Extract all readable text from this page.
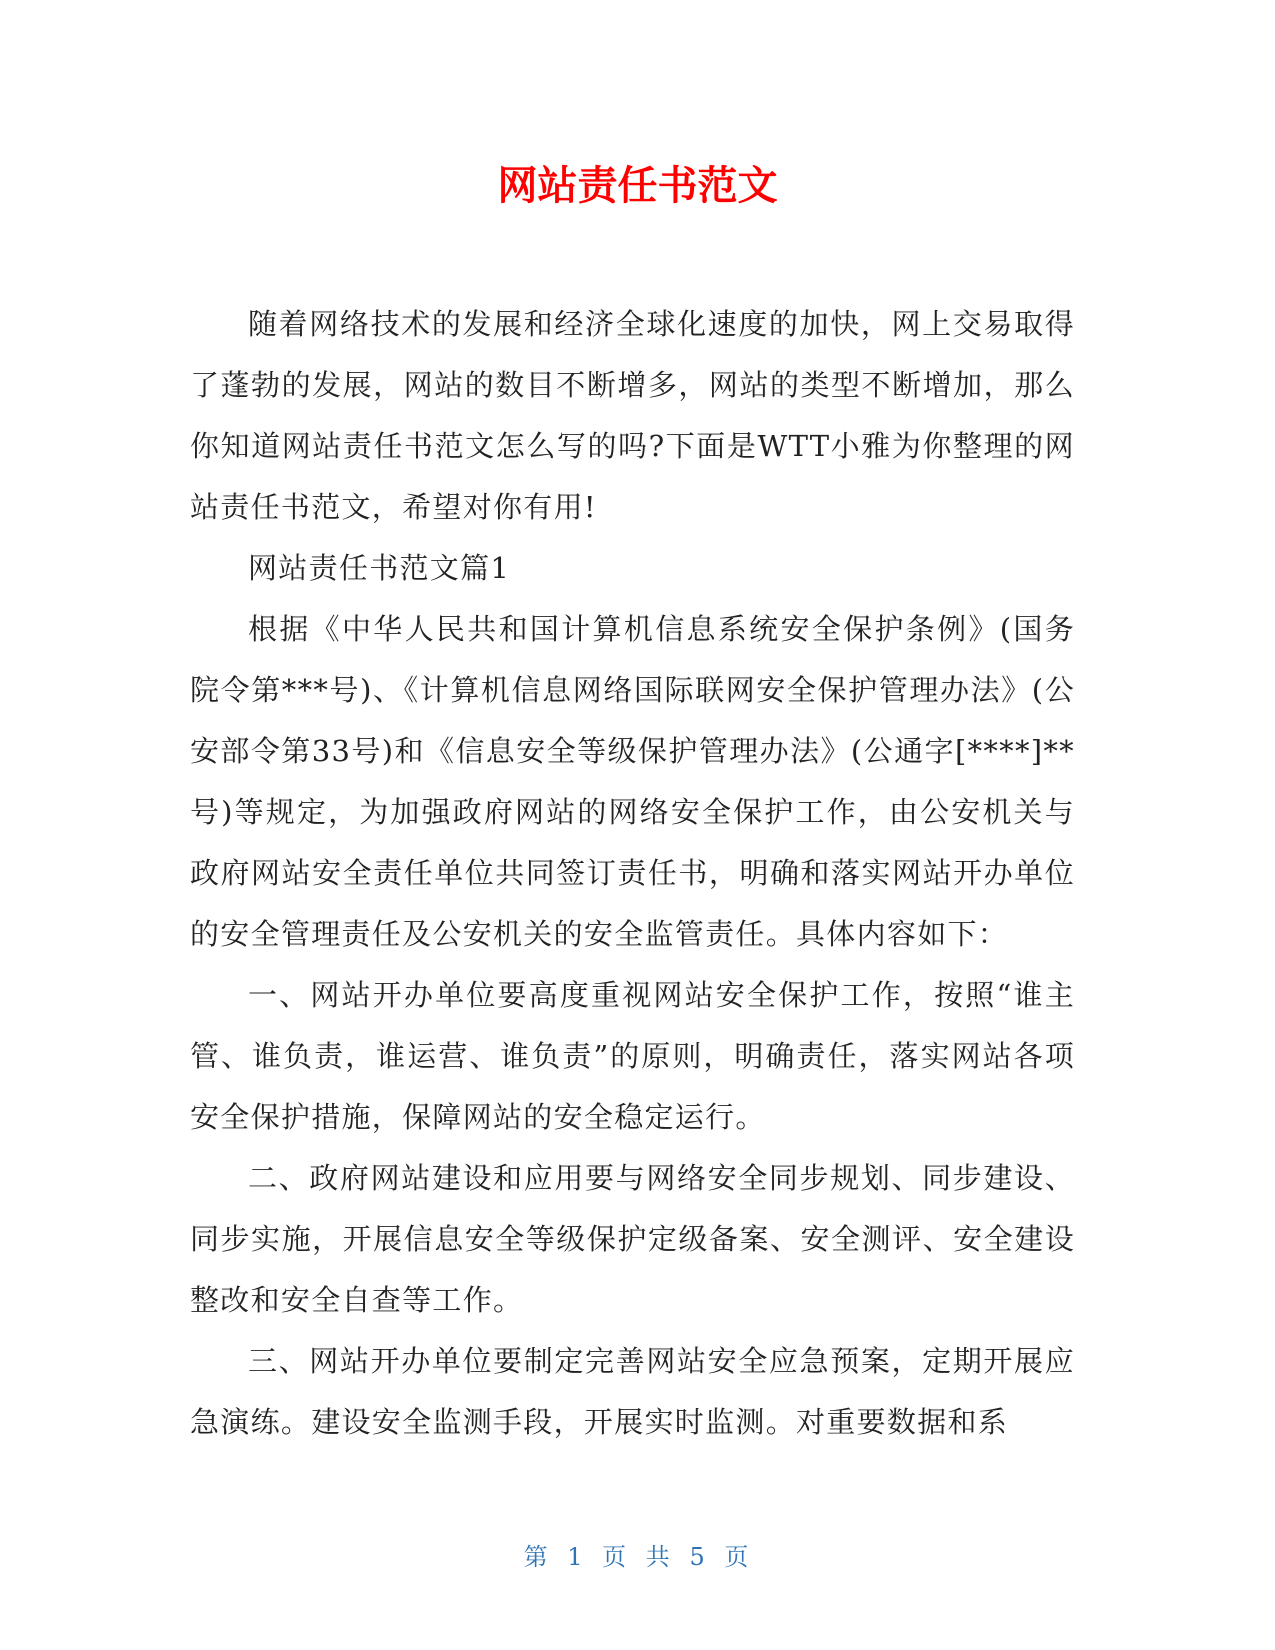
网站责任书范文

随着网络技术的发展和经济全球化速度的加快，网上交易取得了蓬勃的发展，网站的数目不断增多，网站的类型不断增加，那么你知道网站责任书范文怎么写的吗?下面是WTT小雅为你整理的网站责任书范文，希望对你有用!

网站责任书范文篇1

根据《中华人民共和国计算机信息系统安全保护条例》(国务院令第***号)、《计算机信息网络国际联网安全保护管理办法》(公安部令第33号)和《信息安全等级保护管理办法》(公通字[****]**号)等规定，为加强政府网站的网络安全保护工作，由公安机关与政府网站安全责任单位共同签订责任书，明确和落实网站开办单位的安全管理责任及公安机关的安全监管责任。具体内容如下：

一、网站开办单位要高度重视网站安全保护工作，按照“谁主管、谁负责，谁运营、谁负责”的原则，明确责任，落实网站各项安全保护措施，保障网站的安全稳定运行。

二、政府网站建设和应用要与网络安全同步规划、同步建设、同步实施，开展信息安全等级保护定级备案、安全测评、安全建设整改和安全自查等工作。

三、网站开办单位要制定完善网站安全应急预案，定期开展应急演练。建设安全监测手段，开展实时监测。对重要数据和系

第 1 页 共 5 页
